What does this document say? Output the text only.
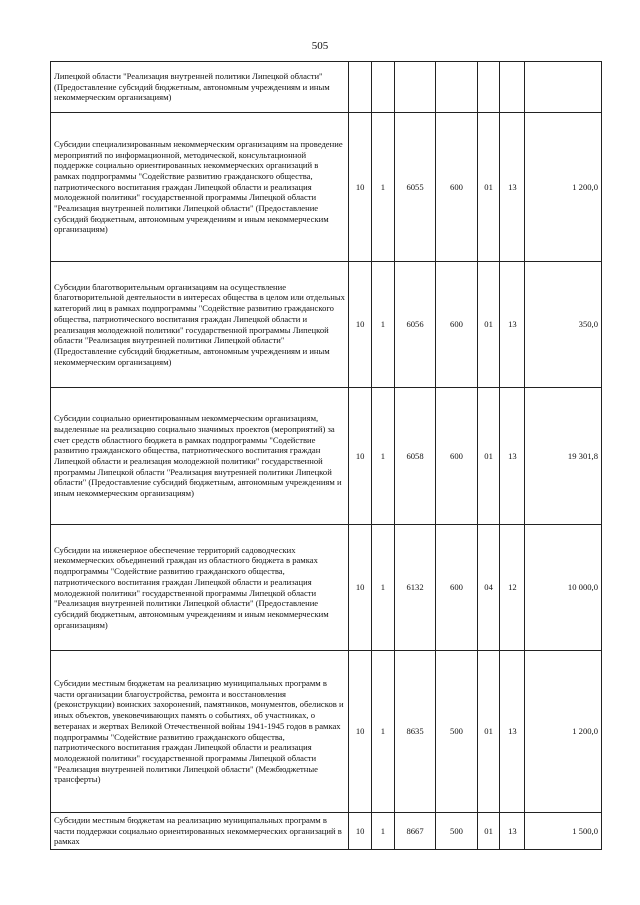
505
Липецкой области "Реализация внутренней политики Липецкой области" (Предоставление субсидий бюджетным, автономным учреждениям и иным некоммерческим организациям)							
Субсидии специализированным некоммерческим организациям на проведение мероприятий по информационной, методической, консультационной поддержке социально ориентированных некоммерческих организаций в рамках подпрограммы "Содействие развитию гражданского общества, патриотического воспитания граждан Липецкой области и реализация молодежной политики" государственной программы Липецкой области "Реализация внутренней политики Липецкой области" (Предоставление субсидий бюджетным, автономным учреждениям и иным некоммерческим организациям)	10	1	6055	600	01	13	1 200,0
Субсидии благотворительным организациям на осуществление благотворительной деятельности в интересах общества в целом или отдельных категорий лиц в рамках подпрограммы "Содействие развитию гражданского общества, патриотического воспитания граждан Липецкой области и реализация молодежной политики" государственной программы Липецкой области "Реализация внутренней политики Липецкой области" (Предоставление субсидий бюджетным, автономным учреждениям и иным некоммерческим организациям)	10	1	6056	600	01	13	350,0
Субсидии социально ориентированным некоммерческим организациям, выделенные на реализацию социально значимых проектов (мероприятий) за счет средств областного бюджета в рамках подпрограммы "Содействие развитию гражданского общества, патриотического воспитания граждан Липецкой области и реализация молодежной политики" государственной программы Липецкой области "Реализация внутренней политики Липецкой области" (Предоставление субсидий бюджетным, автономным учреждениям и иным некоммерческим организациям)	10	1	6058	600	01	13	19 301,8
Субсидии на инженерное обеспечение территорий садоводческих некоммерческих объединений граждан из областного бюджета в рамках подпрограммы "Содействие развитию гражданского общества, патриотического воспитания граждан Липецкой области и реализация молодежной политики" государственной программы Липецкой области "Реализация внутренней политики Липецкой области" (Предоставление субсидий бюджетным, автономным учреждениям и иным некоммерческим организациям)	10	1	6132	600	04	12	10 000,0
Субсидии местным бюджетам на реализацию муниципальных программ в части организации благоустройства, ремонта и восстановления (реконструкции) воинских захоронений, памятников, монументов, обелисков и иных объектов, увековечивающих память о событиях, об участниках, о ветеранах и жертвах Великой Отечественной войны 1941-1945 годов в рамках подпрограммы "Содействие развитию гражданского общества, патриотического воспитания граждан Липецкой области и реализация молодежной политики" государственной программы Липецкой области "Реализация внутренней политики Липецкой области" (Межбюджетные трансферты)	10	1	8635	500	01	13	1 200,0
Субсидии местным бюджетам на реализацию муниципальных программ в части поддержки социально ориентированных некоммерческих организаций в рамках	10	1	8667	500	01	13	1 500,0
